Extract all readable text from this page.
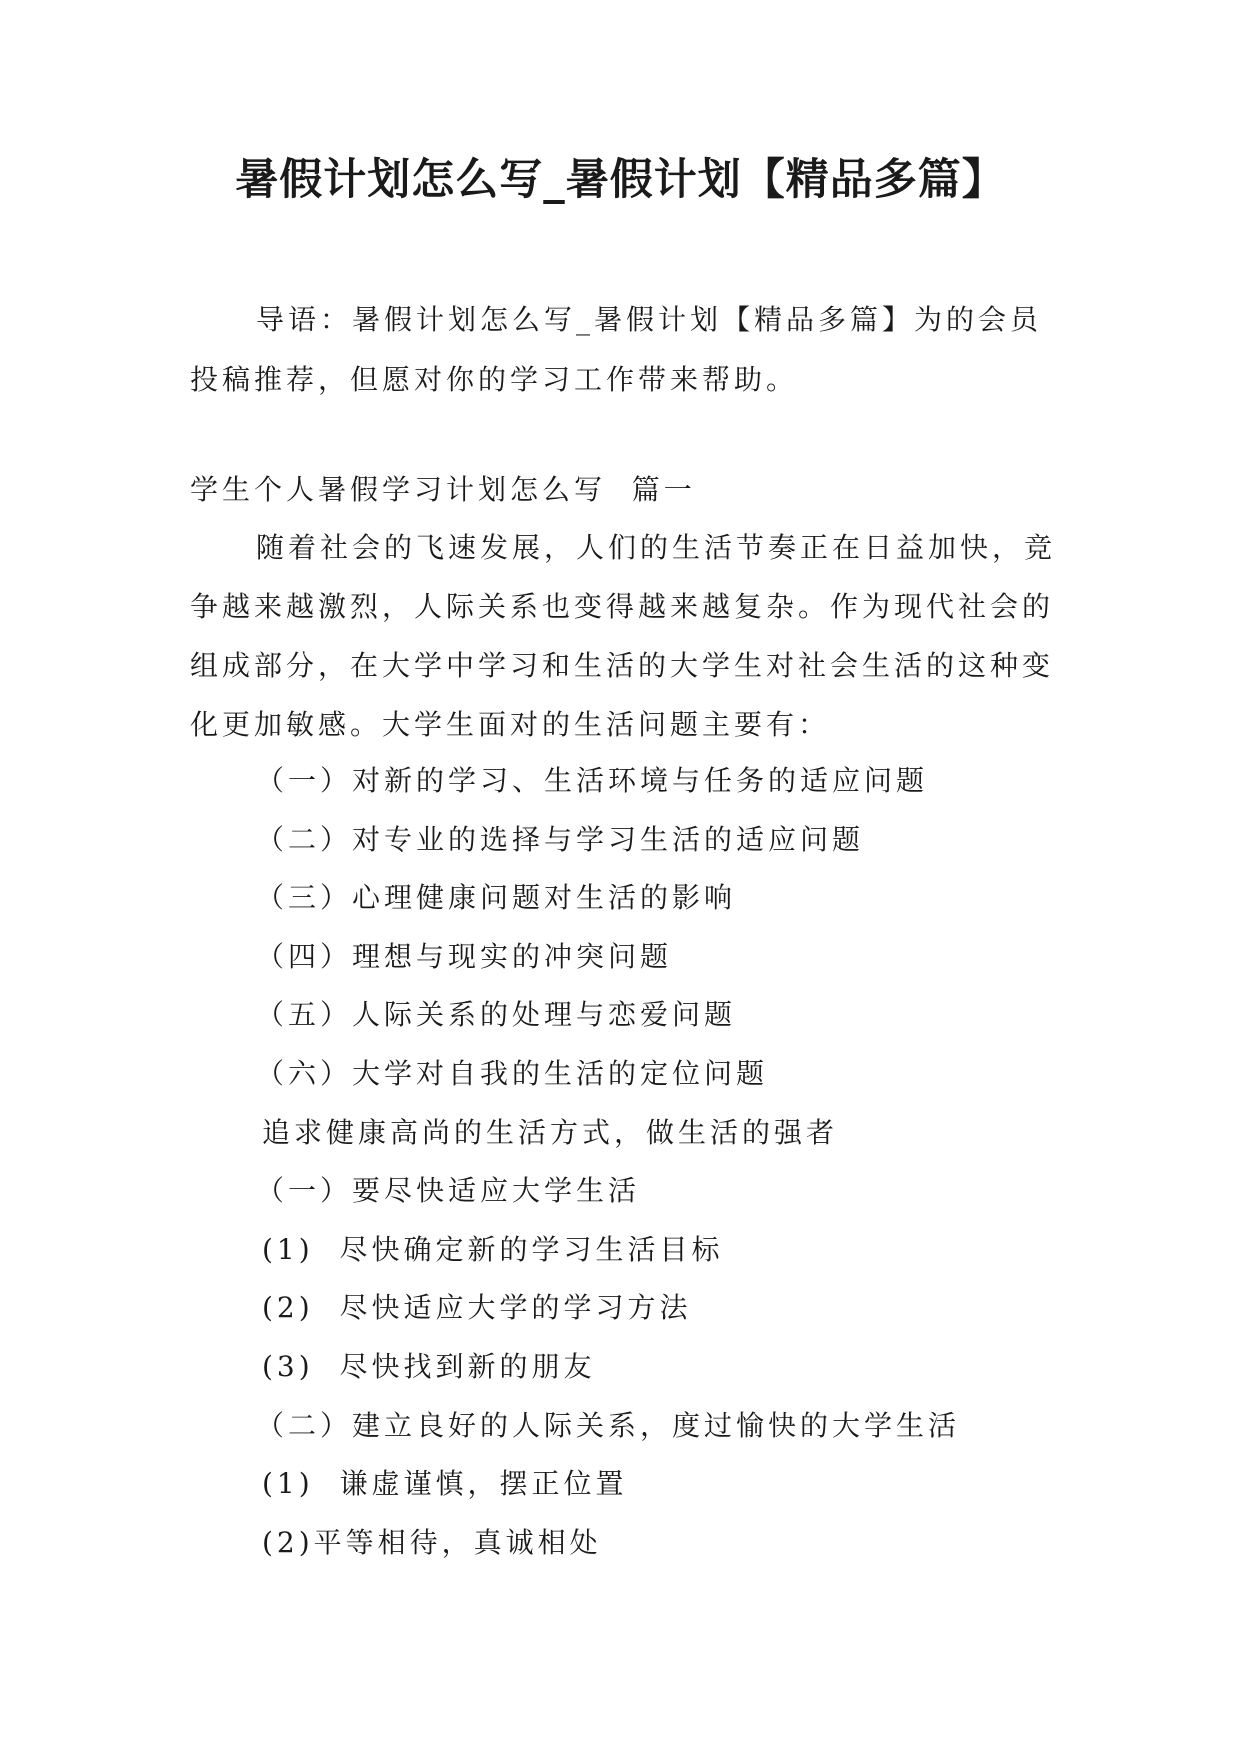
暑假计划怎么写_暑假计划【精品多篇】

导语：暑假计划怎么写_暑假计划【精品多篇】为的会员投稿推荐，但愿对你的学习工作带来帮助。

学生个人暑假学习计划怎么写  篇一

随着社会的飞速发展，人们的生活节奏正在日益加快，竞争越来越激烈，人际关系也变得越来越复杂。作为现代社会的组成部分，在大学中学习和生活的大学生对社会生活的这种变化更加敏感。大学生面对的生活问题主要有：

（一）对新的学习、生活环境与任务的适应问题
（二）对专业的选择与学习生活的适应问题
（三）心理健康问题对生活的影响
（四）理想与现实的冲突问题
（五）人际关系的处理与恋爱问题
（六）大学对自我的生活的定位问题
追求健康高尚的生活方式，做生活的强者
（一）要尽快适应大学生活
(1)  尽快确定新的学习生活目标
(2)  尽快适应大学的学习方法
(3)  尽快找到新的朋友
（二）建立良好的人际关系，度过愉快的大学生活
(1)  谦虚谨慎，摆正位置
(2)平等相待，真诚相处
